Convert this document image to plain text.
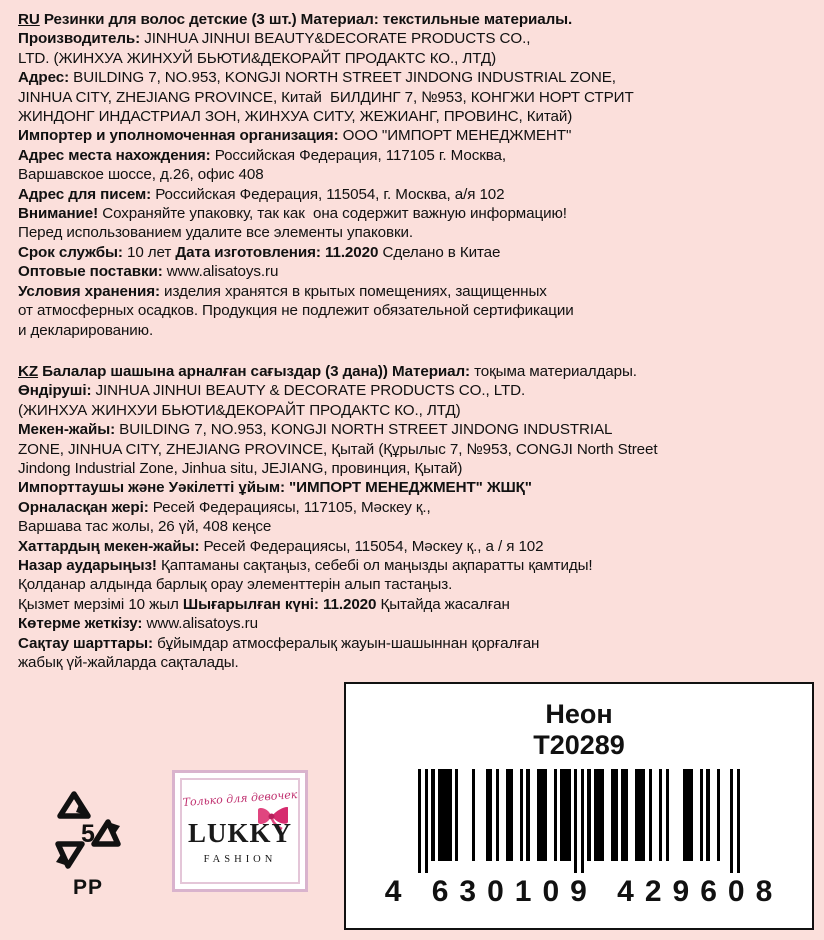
RU Резинки для волос детские (3 шт.) Материал: текстильные материалы.

Производитель: JINHUA JINHUI BEAUTY&DECORATE PRODUCTS CO.,

LTD. (ЖИНХУА ЖИНХУЙ БЬЮТИ&ДЕКОРАЙТ ПРОДАКТС КО., ЛТД)

Адрес: BUILDING 7, NO.953, KONGJI NORTH STREET JINDONG INDUSTRIAL ZONE,

JINHUA CITY, ZHEJIANG PROVINCE, Китай  БИЛДИНГ 7, №953, КОНГЖИ НОРТ СТРИТ

ЖИНДОНГ ИНДАСТРИАЛ ЗОН, ЖИНХУА СИТУ, ЖЕЖИАНГ, ПРОВИНС, Китай)

Импортер и уполномоченная организация: ООО "ИМПОРТ МЕНЕДЖМЕНТ"

Адрес места нахождения: Российская Федерация, 117105 г. Москва,

Варшавское шоссе, д.26, офис 408

Адрес для писем: Российская Федерация, 115054, г. Москва, а/я 102

Внимание! Сохраняйте упаковку, так как  она содержит важную информацию!

Перед использованием удалите все элементы упаковки.

Срок службы: 10 лет Дата изготовления: 11.2020 Сделано в Китае

Оптовые поставки: www.alisatoys.ru

Условия хранения: изделия хранятся в крытых помещениях, защищенных

от атмосферных осадков. Продукция не подлежит обязательной сертификации

и декларированию.

KZ Балалар шашына арналған сағыздар (3 дана)) Материал: тоқыма материалдары.

Өндіруші: JINHUA JINHUI BEAUTY & DECORATE PRODUCTS CO., LTD.

(ЖИНХУА ЖИНХУИ БЬЮТИ&ДЕКОРАЙТ ПРОДАКТС КО., ЛТД)

Мекен-жайы: BUILDING 7, NO.953, KONGJI NORTH STREET JINDONG INDUSTRIAL

ZONE, JINHUA CITY, ZHEJIANG PROVINCE, Қытай (Құрылыс 7, №953, CONGJI North Street

Jindong Industrial Zone, Jinhua situ, JEJIANG, провинция, Қытай)

Импорттаушы және Уәкілетті ұйым: "ИМПОРТ МЕНЕДЖМЕНТ" ЖШҚ"

Орналасқан жері: Ресей Федерациясы, 117105, Мәскеу қ.,

Варшава тас жолы, 26 үй, 408 кеңсе

Хаттардың мекен-жайы: Ресей Федерациясы, 115054, Мәскеу қ., а / я 102

Назар аударыңыз! Қаптаманы сақтаңыз, себебі ол маңызды ақпаратты қамтиды!

Қолданар алдында барлық орау элементтерін алып тастаңыз.

Қызмет мерзімі 10 жыл Шығарылған күні: 11.2020 Қытайда жасалған

Көтерме жеткізу: www.alisatoys.ru

Сақтау шарттары: бұйымдар атмосфералық жауын-шашыннан қорғалған

жабық үй-жайларда сақталады.

5
PP
Только для девочек
LUKKY
FASHION
Неон
T20289
4 630109 429608
